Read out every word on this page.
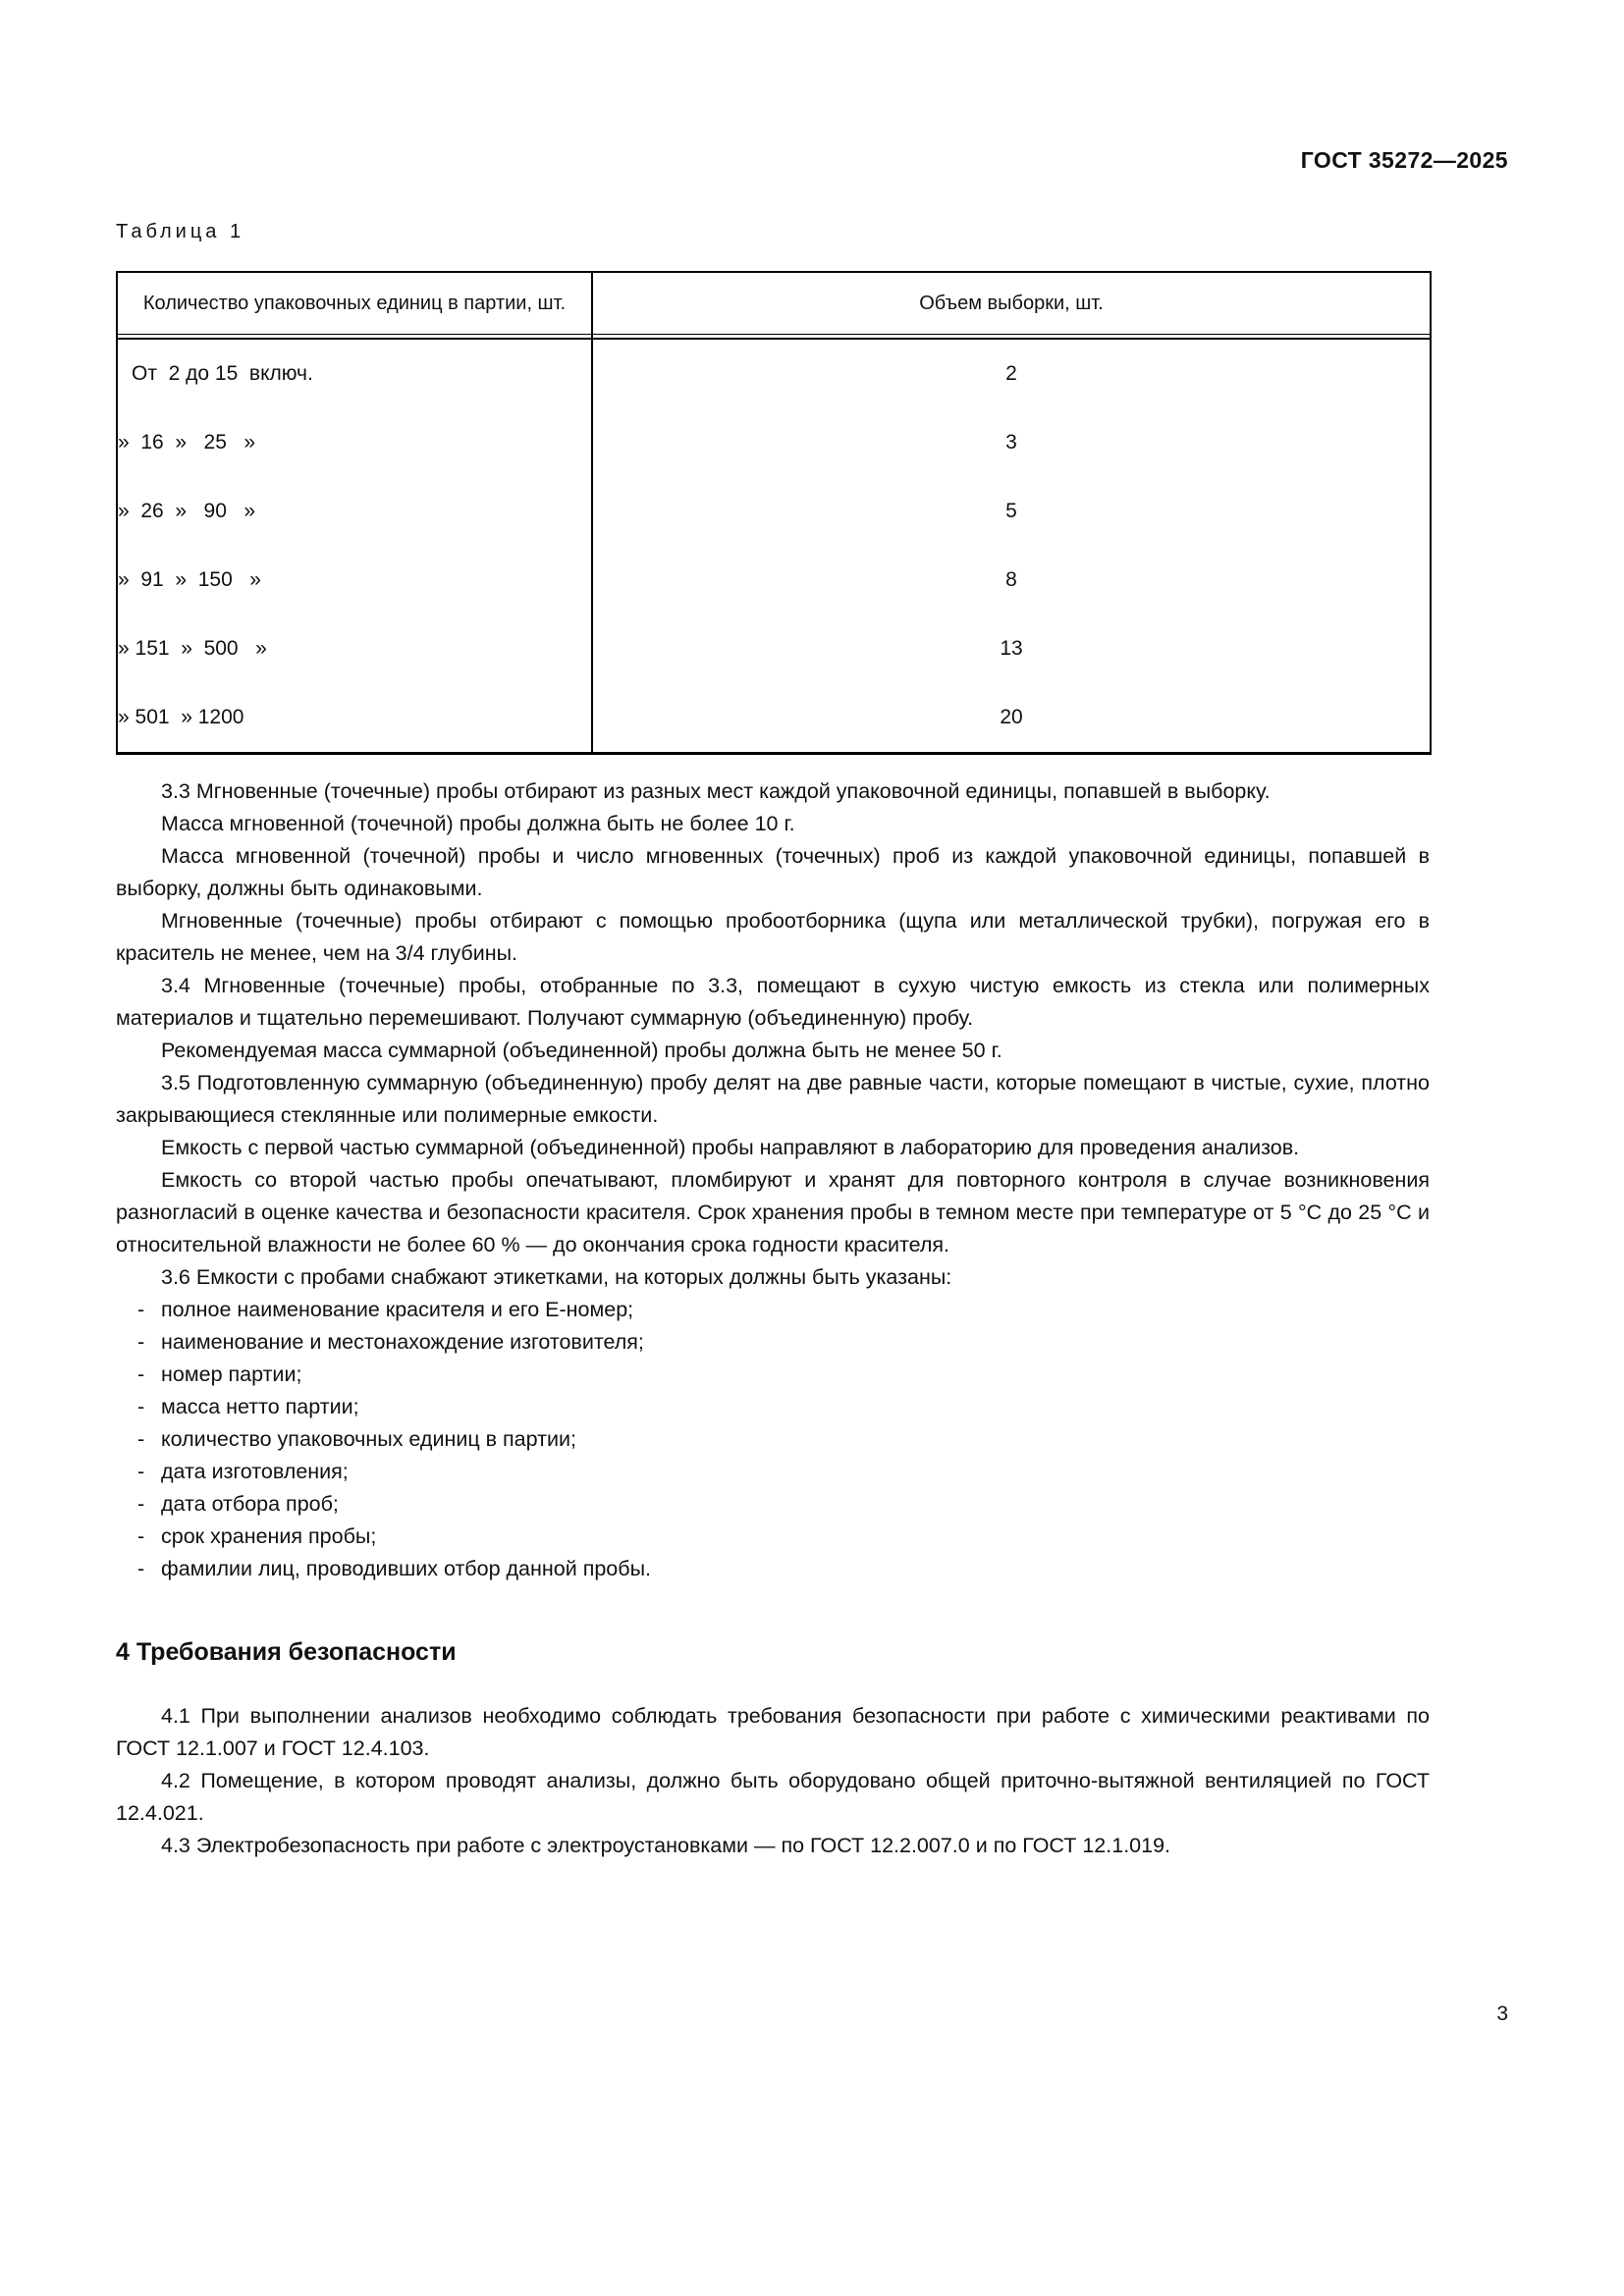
ГОСТ 35272—2025
Таблица 1
Количество упаковочных единиц в партии, шт.	Объем выборки, шт.

От  2 до 15  включ.	2
»  16  »   25   »	3
»  26  »   90   »	5
»  91  »  150   »	8
» 151  »  500   »	13
» 501  » 1200	20

3.3 Мгновенные (точечные) пробы отбирают из разных мест каждой упаковочной единицы, попавшей в выборку.

Масса мгновенной (точечной) пробы должна быть не более 10 г.

Масса мгновенной (точечной) пробы и число мгновенных (точечных) проб из каждой упаковочной единицы, попавшей в выборку, должны быть одинаковыми.

Мгновенные (точечные) пробы отбирают с помощью пробоотборника (щупа или металлической трубки), погружая его в краситель не менее, чем на 3/4 глубины.

3.4 Мгновенные (точечные) пробы, отобранные по 3.3, помещают в сухую чистую емкость из стекла или полимерных материалов и тщательно перемешивают. Получают суммарную (объединенную) пробу.

Рекомендуемая масса суммарной (объединенной) пробы должна быть не менее 50 г.

3.5 Подготовленную суммарную (объединенную) пробу делят на две равные части, которые помещают в чистые, сухие, плотно закрывающиеся стеклянные или полимерные емкости.

Емкость с первой частью суммарной (объединенной) пробы направляют в лабораторию для проведения анализов.

Емкость со второй частью пробы опечатывают, пломбируют и хранят для повторного контроля в случае возникновения разногласий в оценке качества и безопасности красителя. Срок хранения пробы в темном месте при температуре от 5 °C до 25 °C и относительной влажности не более 60 % — до окончания срока годности красителя.

3.6 Емкости с пробами снабжают этикетками, на которых должны быть указаны:

- полное наименование красителя и его Е-номер;
- наименование и местонахождение изготовителя;
- номер партии;
- масса нетто партии;
- количество упаковочных единиц в партии;
- дата изготовления;
- дата отбора проб;
- срок хранения пробы;
- фамилии лиц, проводивших отбор данной пробы.
4 Требования безопасности

4.1 При выполнении анализов необходимо соблюдать требования безопасности при работе с химическими реактивами по ГОСТ 12.1.007 и ГОСТ 12.4.103.

4.2 Помещение, в котором проводят анализы, должно быть оборудовано общей приточно-вытяжной вентиляцией по ГОСТ 12.4.021.

4.3 Электробезопасность при работе с электроустановками — по ГОСТ 12.2.007.0 и по ГОСТ 12.1.019.

3
